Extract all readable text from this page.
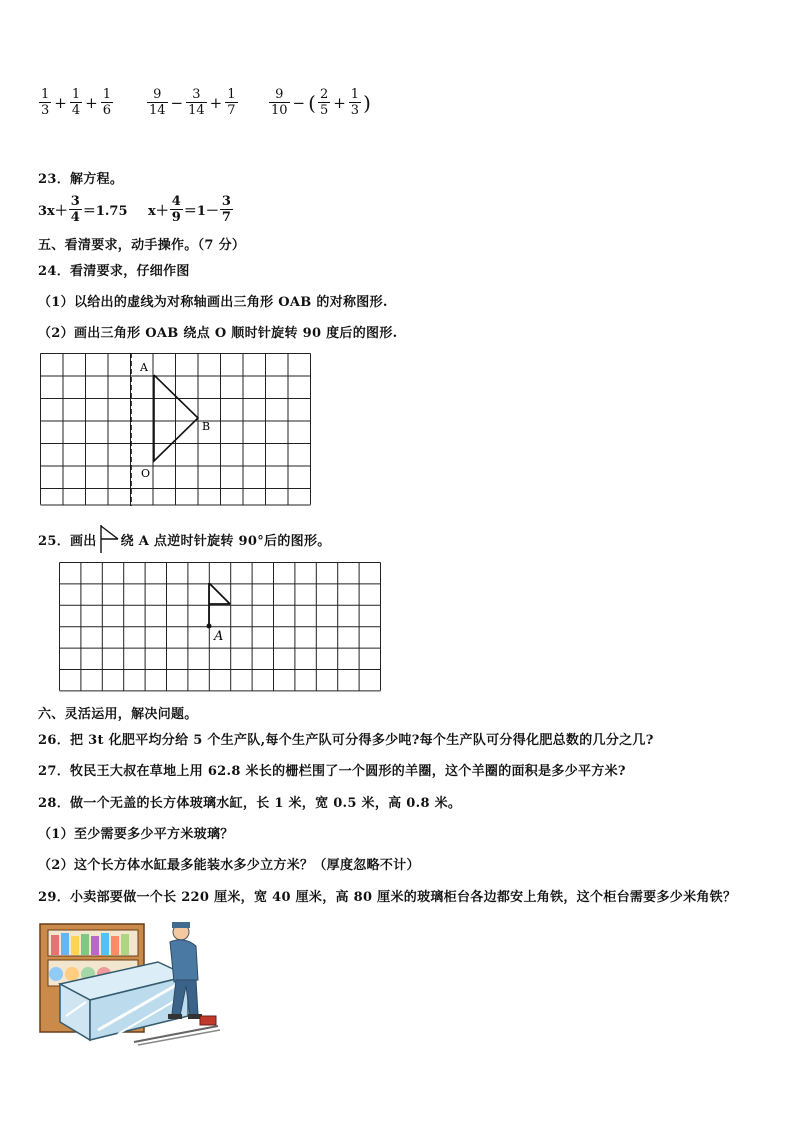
$\frac{1}{3} + \frac{1}{4} + \frac{1}{6}$	$\frac{9}{14} - \frac{3}{14} + \frac{1}{7} \frac{9}{10}$ − ( $\frac{2}{5} + \frac{1}{3}$ )
23．解方程。
$3x+ \frac{3}{4} =1.75$ $x+ \frac{4}{9} =1- \frac{3}{7}$
五、看清要求，动手操作。（7 分）
24．看清要求，仔细作图
（1）以给出的虚线为对称轴画出三角形 OAB 的对称图形.
（2）画出三角形 OAB 绕点 O 顺时针旋转 90 度后的图形.
A
B
O
25．画出 绕 A 点逆时针旋转 90°后的图形。
A
六、灵活运用，解决问题。
26．把 3t 化肥平均分给 5 个生产队,每个生产队可分得多少吨?每个生产队可分得化肥总数的几分之几?
27．牧民王大叔在草地上用 62.8 米长的栅栏围了一个圆形的羊圈，这个羊圈的面积是多少平方米?
28．做一个无盖的长方体玻璃水缸，长 1 米，宽 0.5 米，高 0.8 米。
（1）至少需要多少平方米玻璃？
（2）这个长方体水缸最多能装水多少立方米？（厚度忽略不计）
29．小卖部要做一个长 220 厘米，宽 40 厘米，高 80 厘米的玻璃柜台各边都安上角铁，这个柜台需要多少米角铁？
